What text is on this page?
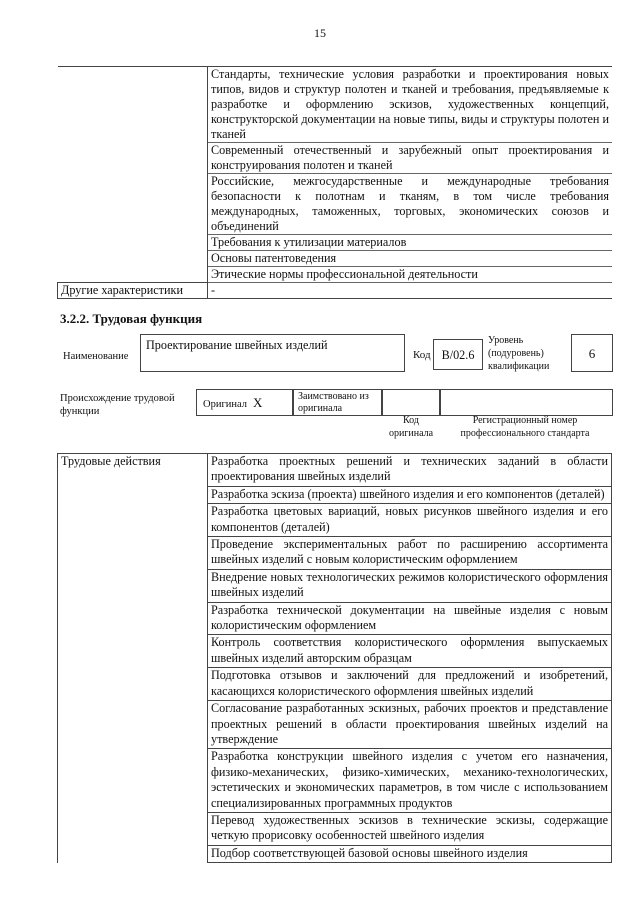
15
	Стандарты, технические условия разработки и проектирования новых типов, видов и структур полотен и тканей и требования, предъявляемые к разработке и оформлению эскизов, художественных концепций, конструкторской документации на новые типы, виды и структуры полотен и тканей
	Современный отечественный и зарубежный опыт проектирования и конструирования полотен и тканей
	Российские, межгосударственные и международные требования безопасности к полотнам и тканям, в том числе требования международных, таможенных, торговых, экономических союзов и объединений
	Требования к утилизации материалов
	Основы патентоведения
	Этические нормы профессиональной деятельности
Другие характеристики	-
3.2.2. Трудовая функция
Наименование
Проектирование швейных изделий
Код B/02.6
Уровень (подуровень) квалификации
6
Происхождение трудовой функции
Оригинал X	Заимствовано из оригинала
Код оригинала
Регистрационный номер профессионального стандарта
Трудовые действия	Разработка проектных решений и технических заданий в области проектирования швейных изделий
Разработка эскиза (проекта) швейного изделия и его компонентов (деталей)
Разработка цветовых вариаций, новых рисунков швейного изделия и его компонентов (деталей)
Проведение экспериментальных работ по расширению ассортимента швейных изделий с новым колористическим оформлением
Внедрение новых технологических режимов колористического оформления швейных изделий
Разработка технической документации на швейные изделия с новым колористическим оформлением
Контроль соответствия колористического оформления выпускаемых швейных изделий авторским образцам
Подготовка отзывов и заключений для предложений и изобретений, касающихся колористического оформления швейных изделий
Согласование разработанных эскизных, рабочих проектов и представление проектных решений в области проектирования швейных изделий на утверждение
Разработка конструкции швейного изделия с учетом его назначения, физико-механических, физико-химических, механико-технологических, эстетических и экономических параметров, в том числе с использованием специализированных программных продуктов
Перевод художественных эскизов в технические эскизы, содержащие четкую прорисовку особенностей швейного изделия
Подбор соответствующей базовой основы швейного изделия
